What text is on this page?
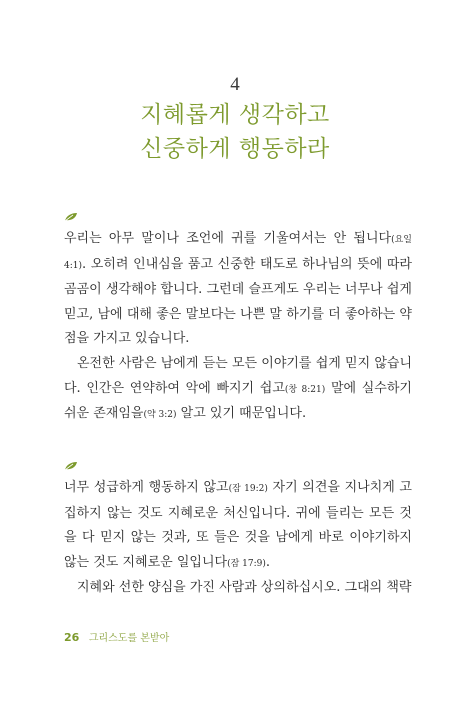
4
지혜롭게 생각하고
신중하게 행동하라

우리는 아무 말이나 조언에 귀를 기울여서는 안 됩니다(요일 4:1). 오히려 인내심을 품고 신중한 태도로 하나님의 뜻에 따라 곰곰이 생각해야 합니다. 그런데 슬프게도 우리는 너무나 쉽게 믿고, 남에 대해 좋은 말보다는 나쁜 말 하기를 더 좋아하는 약점을 가지고 있습니다.

온전한 사람은 남에게 듣는 모든 이야기를 쉽게 믿지 않습니다. 인간은 연약하여 악에 빠지기 쉽고(창 8:21) 말에 실수하기 쉬운 존재임을(약 3:2) 알고 있기 때문입니다.

너무 성급하게 행동하지 않고(잠 19:2) 자기 의견을 지나치게 고집하지 않는 것도 지혜로운 처신입니다. 귀에 들리는 모든 것을 다 믿지 않는 것과, 또 들은 것을 남에게 바로 이야기하지 않는 것도 지혜로운 일입니다(잠 17:9).

지혜와 선한 양심을 가진 사람과 상의하십시오. 그대의 책략

26 그리스도를 본받아
